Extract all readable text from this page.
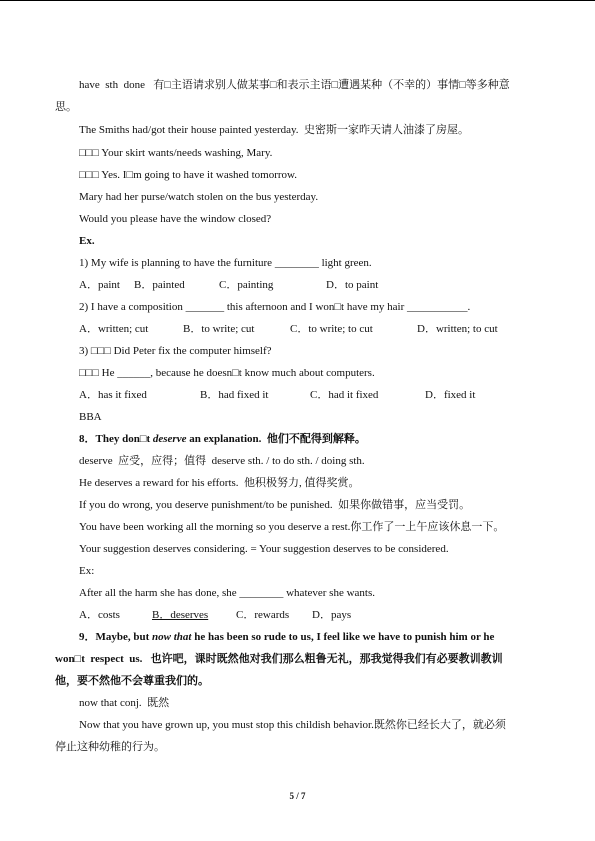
have  sth  done   有□主语请求别人做某事□和表示主语□遭遇某种（不幸的）事情□等多种意
思。
The Smiths had/got their house painted yesterday.  史密斯一家昨天请人油漆了房屋。
□□□ Your skirt wants/needs washing, Mary.
□□□ Yes. I□m going to have it washed tomorrow.
Mary had her purse/watch stolen on the bus yesterday.
Would you please have the window closed?
Ex.
1) My wife is planning to have the furniture ________ light green.
A．paint	B．painted	C．painting	D．to paint
2) I have a composition _______ this afternoon and I won□t have my hair ___________.
A．written; cut	B．to write; cut	C．to write; to cut	D．written; to cut
3) □□□ Did Peter fix the computer himself?
□□□ He ______, because he doesn□t know much about computers.
A．has it fixed	B．had fixed it	C．had it fixed	D．fixed it
BBA
8．They don□t deserve an explanation.  他们不配得到解释。
deserve  应受，应得；值得  deserve sth. / to do sth. / doing sth.
He deserves a reward for his efforts.  他积极努力, 值得奖赏。
If you do wrong, you deserve punishment/to be punished.  如果你做错事，应当受罚。
You have been working all the morning so you deserve a rest.你工作了一上午应该休息一下。
Your suggestion deserves considering. = Your suggestion deserves to be considered.
Ex:
After all the harm she has done, she ________ whatever she wants.
A．costs	B．deserves	C．rewards	D．pays
9．Maybe, but now that he has been so rude to us, I feel like we have to punish him or he
won□t  respect  us.   也许吧，课时既然他对我们那么粗鲁无礼，那我觉得我们有必要教训教训
他，要不然他不会尊重我们的。
now that conj.  既然
Now that you have grown up, you must stop this childish behavior.既然你已经长大了，就必须
停止这种幼稚的行为。
5 / 7
